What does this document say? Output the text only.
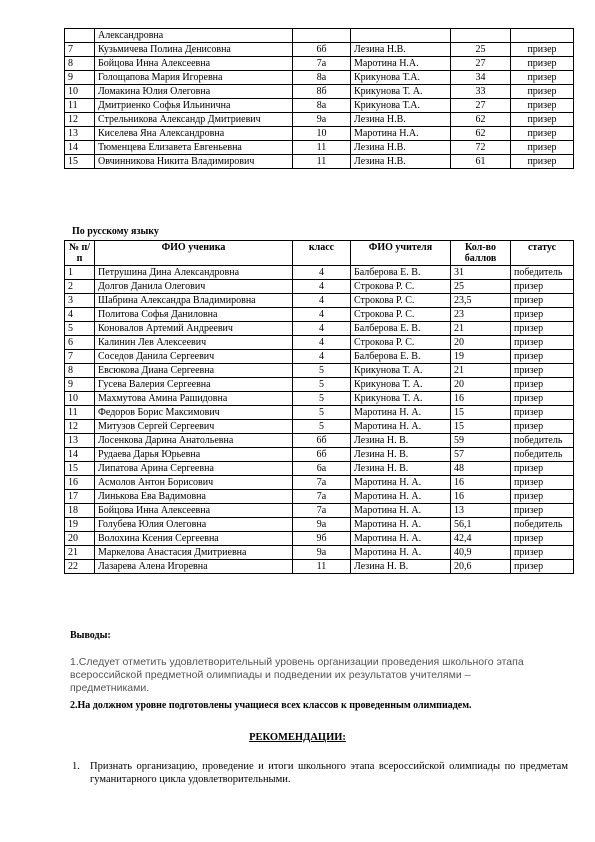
	Александровна				
7	Кузьмичева Полина Денисовна	6б	Лезина Н.В.	25	призер
8	Бойцова Инна Алексеевна	7а	Маротина Н.А.	27	призер
9	Голощапова Мария Игоревна	8а	Крикунова Т.А.	34	призер
10	Ломакина Юлия Олеговна	8б	Крикунова Т. А.	33	призер
11	Дмитриенко Софья Ильинична	8а	Крикунова Т.А.	27	призер
12	Стрельникова Александр Дмитриевич	9а	Лезина Н.В.	62	призер
13	Киселева Яна Александровна	10	Маротина Н.А.	62	призер
14	Тюменцева Елизавета Евгеньевна	11	Лезина Н.В.	72	призер
15	Овчинникова Никита Владимирович	11	Лезина Н.В.	61	призер
По русскому языку
№ п/п	ФИО ученика	класс	ФИО учителя	Кол-во баллов	статус
1	Петрушина Дина Александровна	4	Балберова Е. В.	31	победитель
2	Долгов Данила Олегович	4	Строкова Р. С.	25	призер
3	Шабрина Александра Владимировна	4	Строкова Р. С.	23,5	призер
4	Политова Софья Даниловна	4	Строкова Р. С.	23	призер
5	Коновалов Артемий Андреевич	4	Балберова Е. В.	21	призер
6	Калинин Лев Алексеевич	4	Строкова Р. С.	20	призер
7	Соседов Данила Сергеевич	4	Балберова Е. В.	19	призер
8	Евсюкова Диана Сергеевна	5	Крикунова Т. А.	21	призер
9	Гусева Валерия Сергеевна	5	Крикунова Т. А.	20	призер
10	Махмутова Амина Рашидовна	5	Крикунова Т. А.	16	призер
11	Федоров Борис Максимович	5	Маротина Н. А.	15	призер
12	Митузов Сергей Сергеевич	5	Маротина Н. А.	15	призер
13	Лосенкова Дарина Анатольевна	6б	Лезина Н. В.	59	победитель
14	Рудаева Дарья Юрьевна	6б	Лезина Н. В.	57	победитель
15	Липатова Арина Сергеевна	6а	Лезина Н. В.	48	призер
16	Асмолов Антон Борисович	7а	Маротина Н. А.	16	призер
17	Линькова Ева Вадимовна	7а	Маротина Н. А.	16	призер
18	Бойцова Инна Алексеевна	7а	Маротина Н. А.	13	призер
19	Голубева Юлия Олеговна	9а	Маротина Н. А.	56,1	победитель
20	Волохина Ксения Сергеевна	9б	Маротина Н. А.	42,4	призер
21	Маркелова Анастасия Дмитриевна	9а	Маротина Н. А.	40,9	призер
22	Лазарева Алена Игоревна	11	Лезина Н. В.	20,6	призер
Выводы:
1.Следует отметить удовлетворительный уровень организации проведения школьного этапа всероссийской предметной олимпиады и подведении их результатов учителями – предметниками.
2.На должном уровне подготовлены учащиеся всех классов к проведенным олимпиадем.
РЕКОМЕНДАЦИИ:
1. Признать организацию, проведение и итоги школьного этапа всероссийской олимпиады по предметам гуманитарного цикла удовлетворительными.
